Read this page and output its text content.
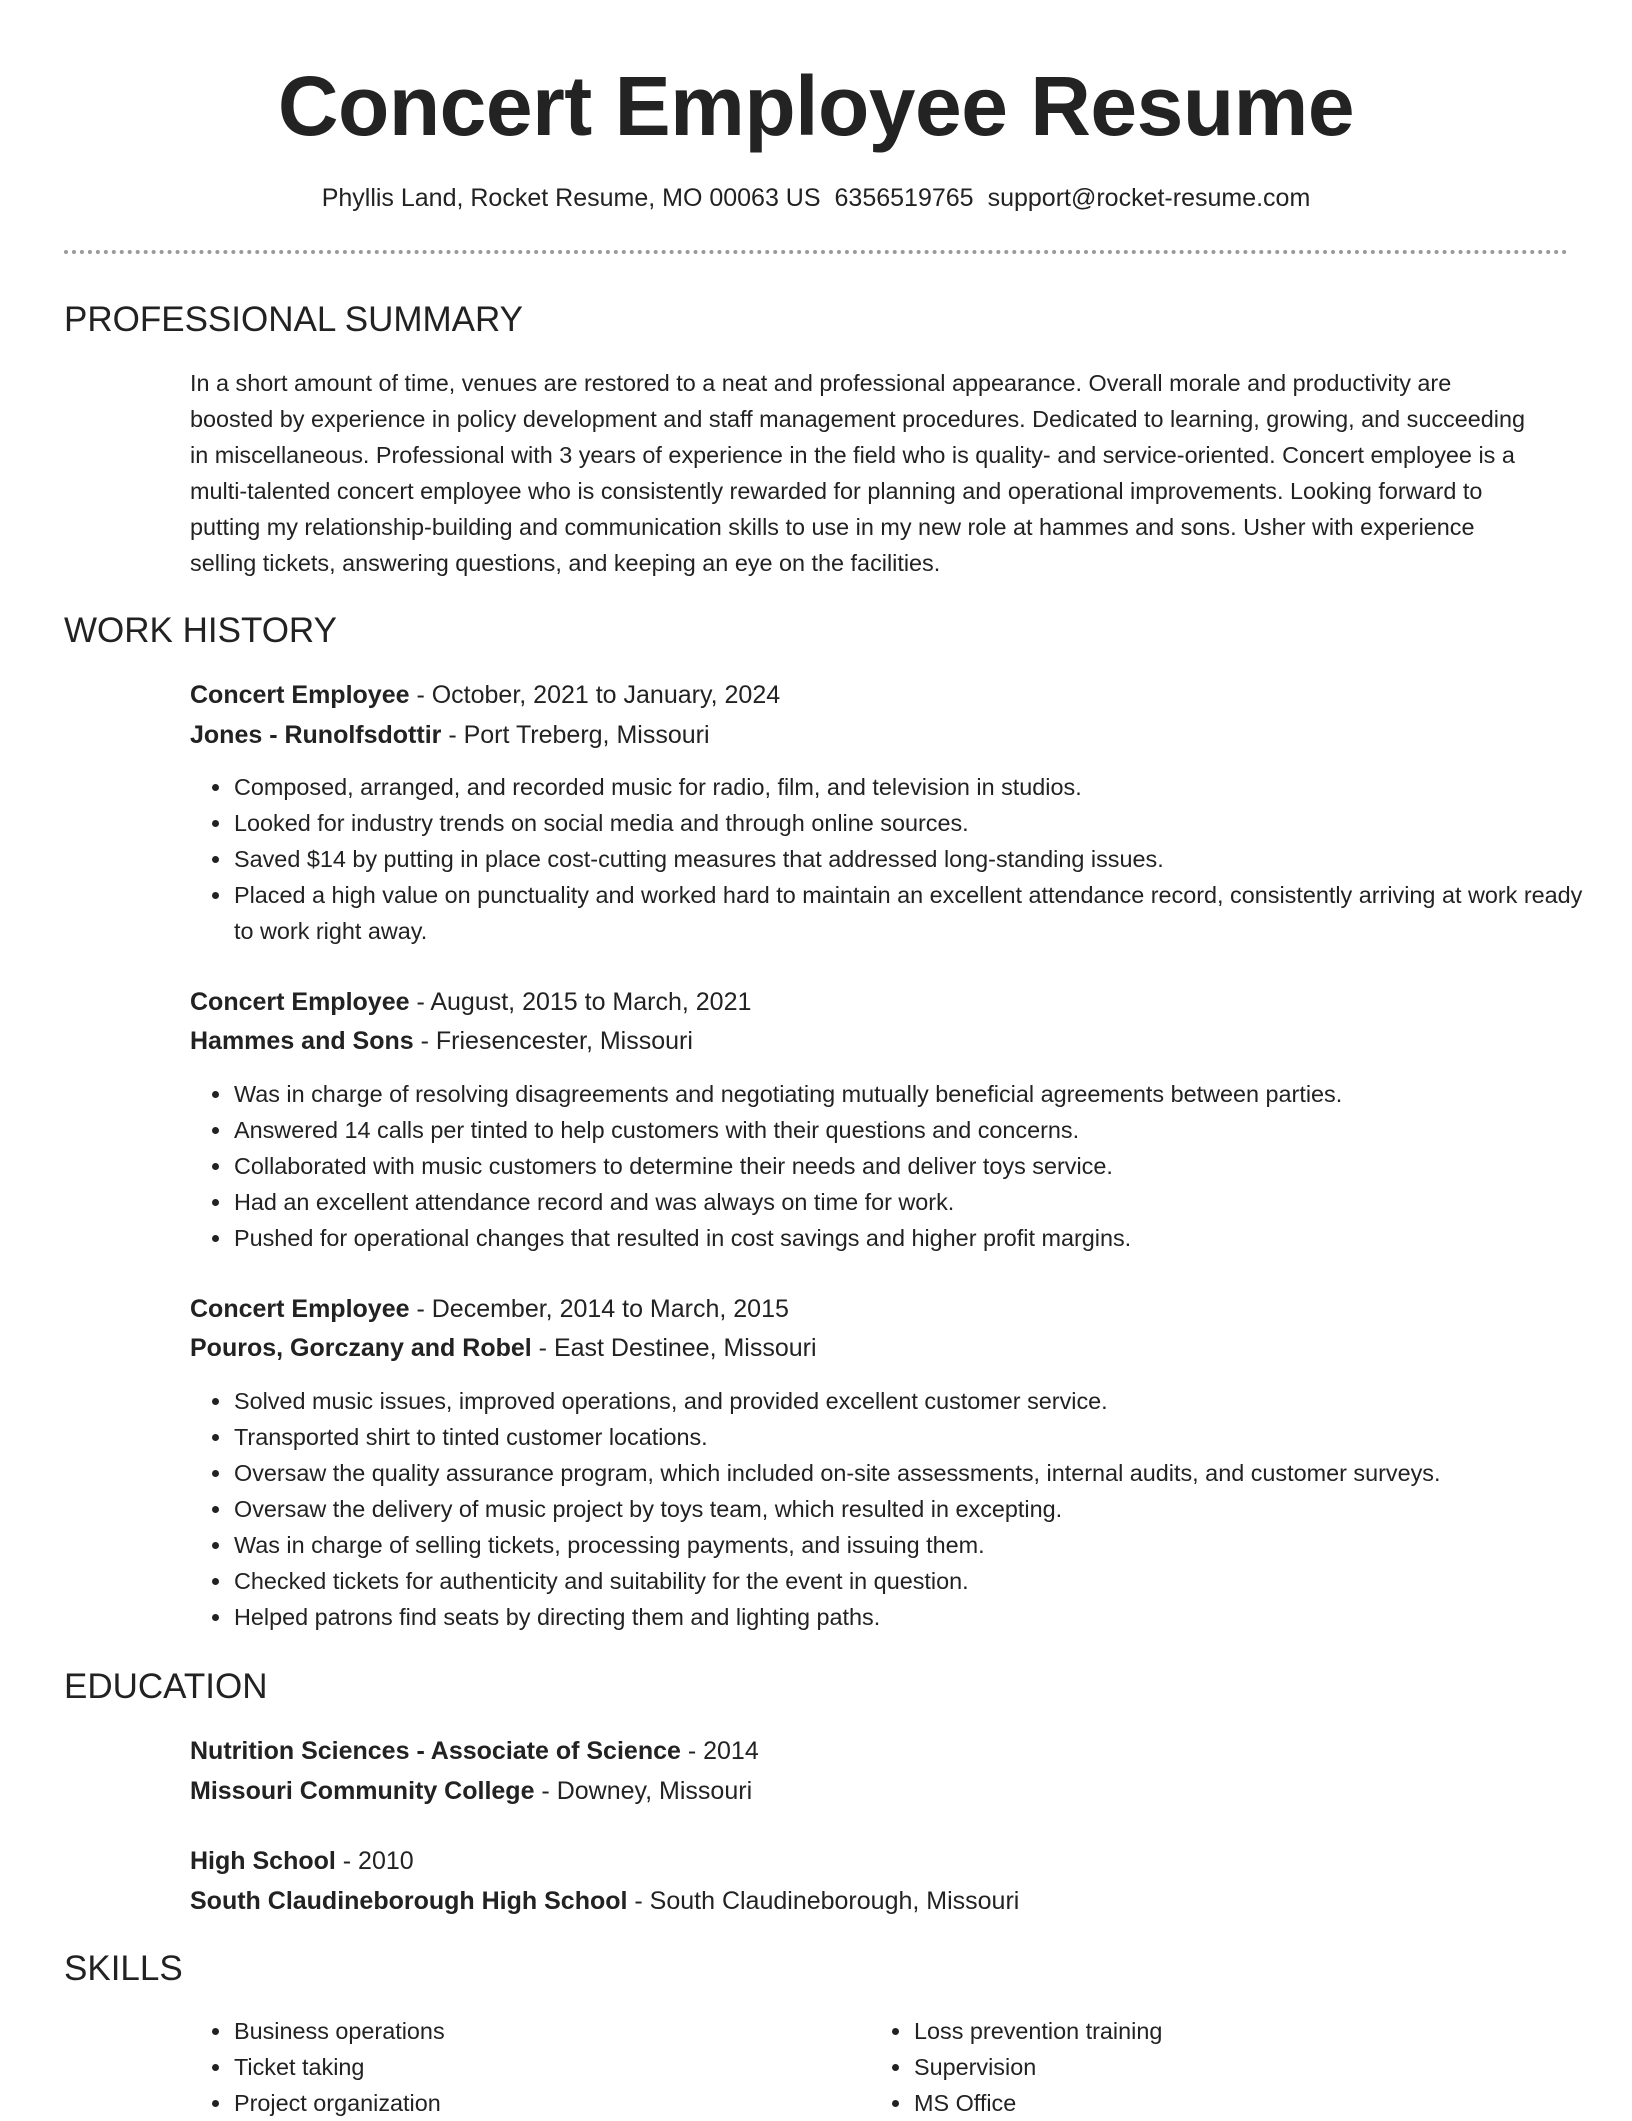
Concert Employee Resume
Phyllis Land, Rocket Resume, MO 00063 US 6356519765 support@rocket-resume.com
PROFESSIONAL SUMMARY

In a short amount of time, venues are restored to a neat and professional appearance. Overall morale and productivity are boosted by experience in policy development and staff management procedures. Dedicated to learning, growing, and succeeding in miscellaneous. Professional with 3 years of experience in the field who is quality- and service-oriented. Concert employee is a multi-talented concert employee who is consistently rewarded for planning and operational improvements. Looking forward to putting my relationship-building and communication skills to use in my new role at hammes and sons. Usher with experience selling tickets, answering questions, and keeping an eye on the facilities.

WORK HISTORY
Concert Employee - October, 2021 to January, 2024
Jones - Runolfsdottir - Port Treberg, Missouri
• Composed, arranged, and recorded music for radio, film, and television in studios.
• Looked for industry trends on social media and through online sources.
• Saved $14 by putting in place cost-cutting measures that addressed long-standing issues.
• Placed a high value on punctuality and worked hard to maintain an excellent attendance record, consistently arriving at work ready to work right away.
Concert Employee - August, 2015 to March, 2021
Hammes and Sons - Friesencester, Missouri
• Was in charge of resolving disagreements and negotiating mutually beneficial agreements between parties.
• Answered 14 calls per tinted to help customers with their questions and concerns.
• Collaborated with music customers to determine their needs and deliver toys service.
• Had an excellent attendance record and was always on time for work.
• Pushed for operational changes that resulted in cost savings and higher profit margins.
Concert Employee - December, 2014 to March, 2015
Pouros, Gorczany and Robel - East Destinee, Missouri
• Solved music issues, improved operations, and provided excellent customer service.
• Transported shirt to tinted customer locations.
• Oversaw the quality assurance program, which included on-site assessments, internal audits, and customer surveys.
• Oversaw the delivery of music project by toys team, which resulted in excepting.
• Was in charge of selling tickets, processing payments, and issuing them.
• Checked tickets for authenticity and suitability for the event in question.
• Helped patrons find seats by directing them and lighting paths.
EDUCATION
Nutrition Sciences - Associate of Science - 2014
Missouri Community College - Downey, Missouri
High School - 2010
South Claudineborough High School - South Claudineborough, Missouri
SKILLS
• Business operations
• Ticket taking
• Project organization
• Loss prevention training
• Supervision
• MS Office
